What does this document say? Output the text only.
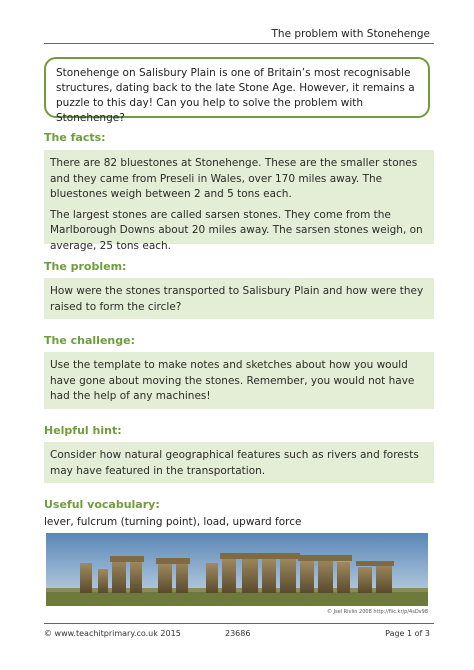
The problem with Stonehenge
Stonehenge on Salisbury Plain is one of Britain’s most recognisable structures, dating back to the late Stone Age. However, it remains a puzzle to this day! Can you help to solve the problem with Stonehenge?
The facts:

There are 82 bluestones at Stonehenge. These are the smaller stones and they came from Preseli in Wales, over 170 miles away. The bluestones weigh between 2 and 5 tons each.

The largest stones are called sarsen stones. They come from the Marlborough Downs about 20 miles away. The sarsen stones weigh, on average, 25 tons each.

The problem:

How were the stones transported to Salisbury Plain and how were they raised to form the circle?

The challenge:

Use the template to make notes and sketches about how you would have gone about moving the stones. Remember, you would not have had the help of any machines!

Helpful hint:

Consider how natural geographical features such as rivers and forests may have featured in the transportation.

Useful vocabulary:
lever, fulcrum (turning point), load, upward force
© Jsel Rivlin 2008 http://flic.kr/p/4sDv98
© www.teachitprimary.co.uk 2015	23686	Page 1 of 3
